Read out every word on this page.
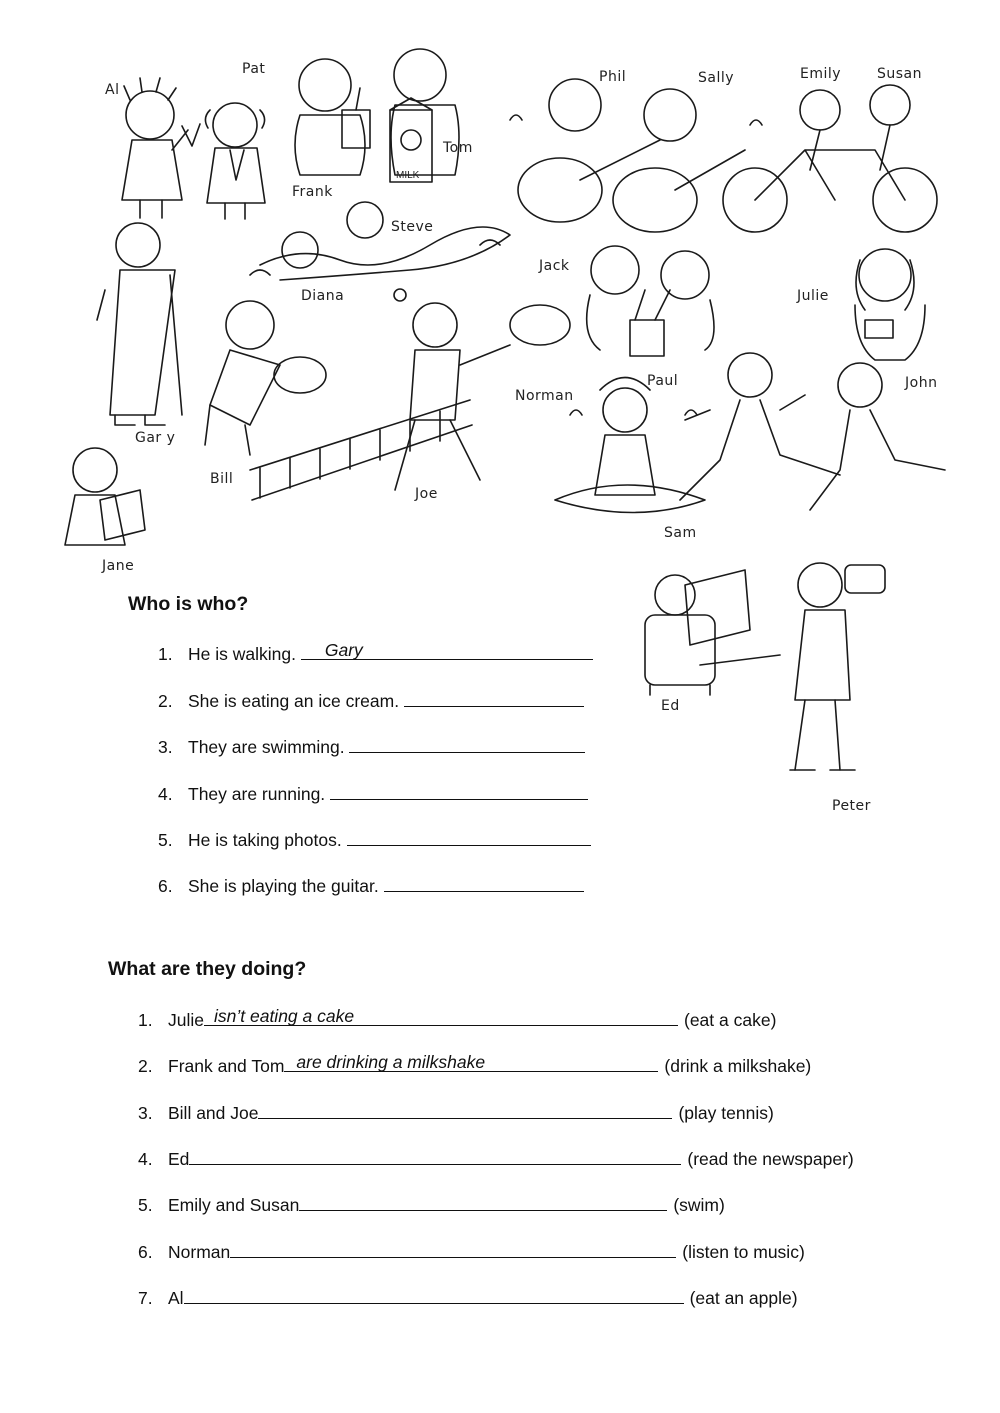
MILK
Al
Pat
Frank
Tom
Phil	Sally	Emily	Susan
Steve
Diana
Jack
Julie
Paul	John
Norman
Gar y
Bill
Joe
Sam
Jane
Ed
Peter
Who is who?
1. He is walking. Gary
2. She is eating an ice cream.
3. They are swimming.
4. They are running.
5. He is taking photos.
6. She is playing the guitar.
What are they doing?
1. Julie isn’t eating a cake	(eat a cake)
2. Frank and Tom are drinking a milkshake	(drink a milkshake)
3. Bill and Joe	(play tennis)
4. Ed	(read the newspaper)
5. Emily and Susan	(swim)
6. Norman	(listen to music)
7. Al	(eat an apple)
